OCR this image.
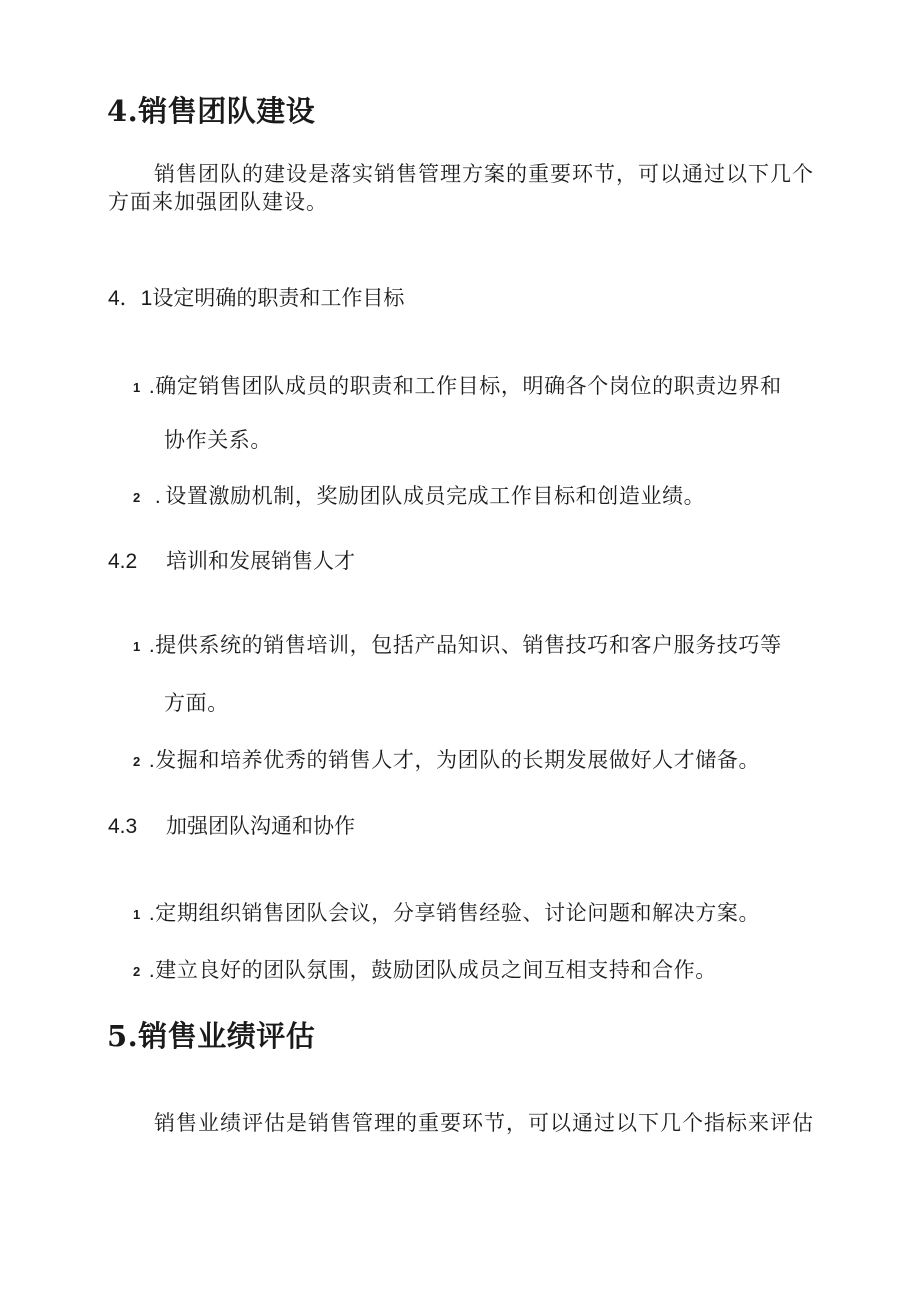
4.销售团队建设

销售团队的建设是落实销售管理方案的重要环节，可以通过以下几个

方面来加强团队建设。

4．1设定明确的职责和工作目标
1 .确定销售团队成员的职责和工作目标，明确各个岗位的职责边界和
协作关系。
2 . 设置激励机制，奖励团队成员完成工作目标和创造业绩。
4.2 培训和发展销售人才
1 .提供系统的销售培训，包括产品知识、销售技巧和客户服务技巧等
方面。
2 .发掘和培养优秀的销售人才，为团队的长期发展做好人才储备。
4.3 加强团队沟通和协作
1 .定期组织销售团队会议，分享销售经验、讨论问题和解决方案。
2 .建立良好的团队氛围，鼓励团队成员之间互相支持和合作。
5.销售业绩评估

销售业绩评估是销售管理的重要环节，可以通过以下几个指标来评估
